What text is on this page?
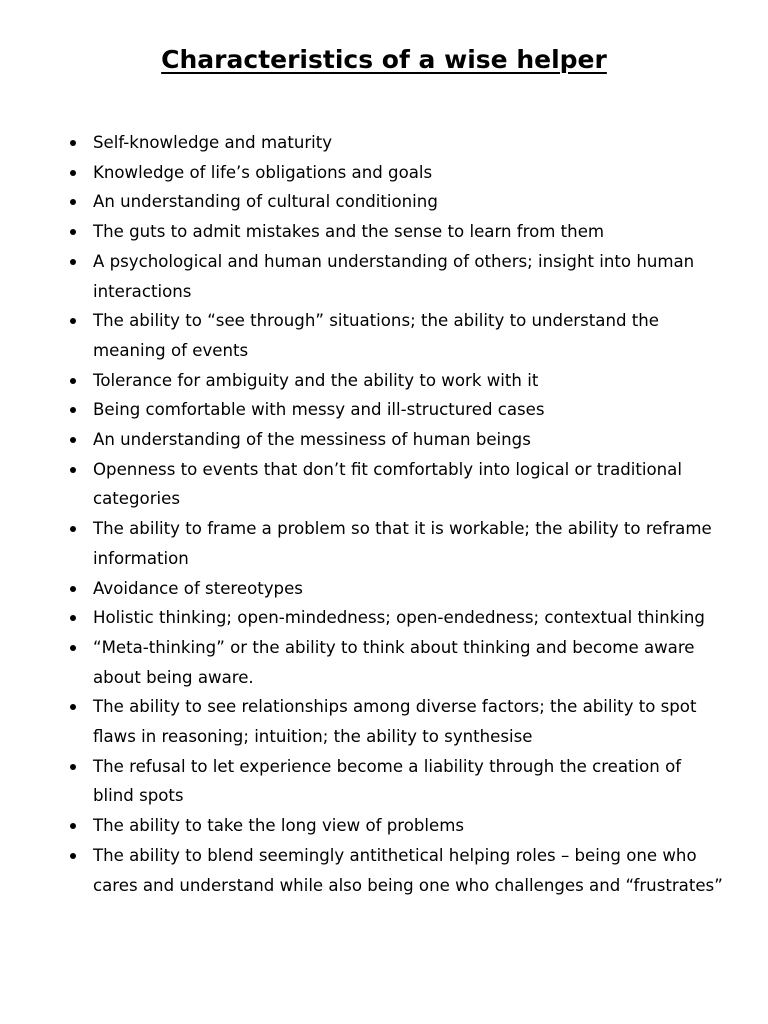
Characteristics of a wise helper
Self-knowledge and maturity
Knowledge of life’s obligations and goals
An understanding of cultural conditioning
The guts to admit mistakes and the sense to learn from them
A psychological and human understanding of others; insight into human interactions
The ability to “see through” situations; the ability to understand the meaning of events
Tolerance for ambiguity and the ability to work with it
Being comfortable with messy and ill-structured cases
An understanding of the messiness of human beings
Openness to events that don’t fit comfortably into logical or traditional categories
The ability to frame a problem so that it is workable; the ability to reframe information
Avoidance of stereotypes
Holistic thinking; open-mindedness; open-endedness; contextual thinking
“Meta-thinking” or the ability to think about thinking and become aware about being aware.
The ability to see relationships among diverse factors; the ability to spot flaws in reasoning; intuition; the ability to synthesise
The refusal to let experience become a liability through the creation of blind spots
The ability to take the long view of problems
The ability to blend seemingly antithetical helping roles – being one who cares and understand while also being one who challenges and “frustrates”
